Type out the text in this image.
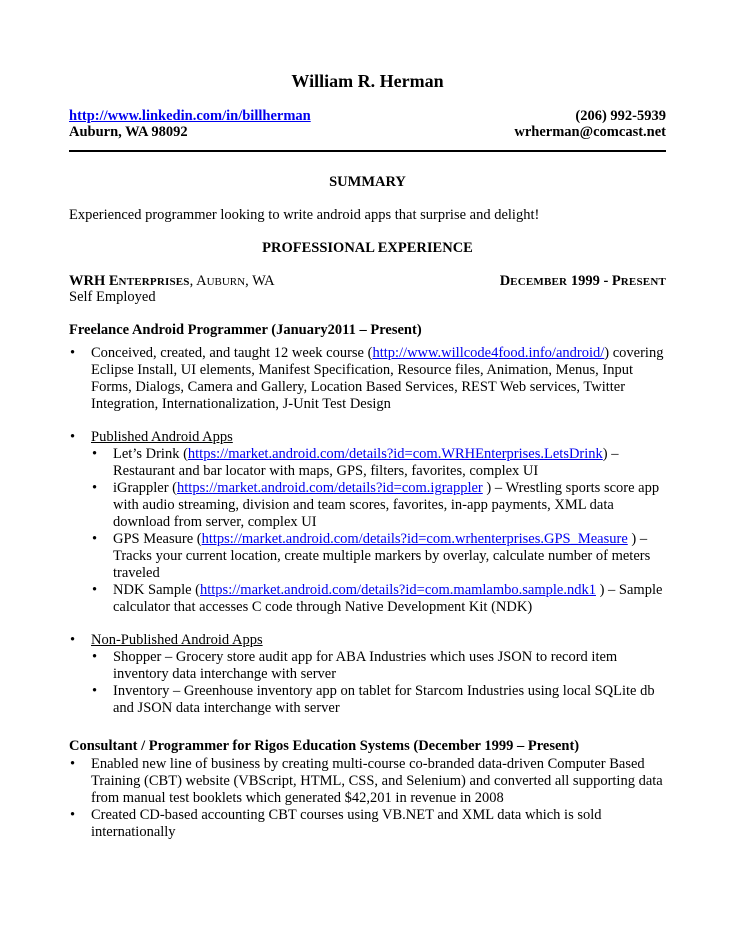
William R. Herman
http://www.linkedin.com/in/billherman	(206) 992-5939
Auburn, WA 98092	wrherman@comcast.net
SUMMARY
Experienced programmer looking to write android apps that surprise and delight!
PROFESSIONAL EXPERIENCE
WRH ENTERPRISES, AUBURN, WA	DECEMBER 1999 - PRESENT
Self Employed
Freelance Android Programmer (January2011 – Present)
• Conceived, created, and taught 12 week course (http://www.willcode4food.info/android/) covering Eclipse Install, UI elements, Manifest Specification, Resource files, Animation, Menus, Input Forms, Dialogs, Camera and Gallery, Location Based Services, REST Web services, Twitter Integration, Internationalization, J-Unit Test Design
• Published Android Apps
• Let’s Drink (https://market.android.com/details?id=com.WRHEnterprises.LetsDrink) – Restaurant and bar locator with maps, GPS, filters, favorites, complex UI
• iGrappler (https://market.android.com/details?id=com.igrappler ) – Wrestling sports score app with audio streaming, division and team scores, favorites, in-app payments, XML data download from server, complex UI
• GPS Measure (https://market.android.com/details?id=com.wrhenterprises.GPS_Measure ) – Tracks your current location, create multiple markers by overlay, calculate number of meters traveled
• NDK Sample (https://market.android.com/details?id=com.mamlambo.sample.ndk1 ) – Sample calculator that accesses C code through Native Development Kit (NDK)
• Non-Published Android Apps
• Shopper – Grocery store audit app for ABA Industries which uses JSON to record item inventory data interchange with server
• Inventory – Greenhouse inventory app on tablet for Starcom Industries using local SQLite db and JSON data interchange with server
Consultant / Programmer for Rigos Education Systems (December 1999 – Present)
• Enabled new line of business by creating multi-course co-branded data-driven Computer Based Training (CBT) website (VBScript, HTML, CSS, and Selenium) and converted all supporting data from manual test booklets which generated $42,201 in revenue in 2008
• Created CD-based accounting CBT courses using VB.NET and XML data which is sold internationally
